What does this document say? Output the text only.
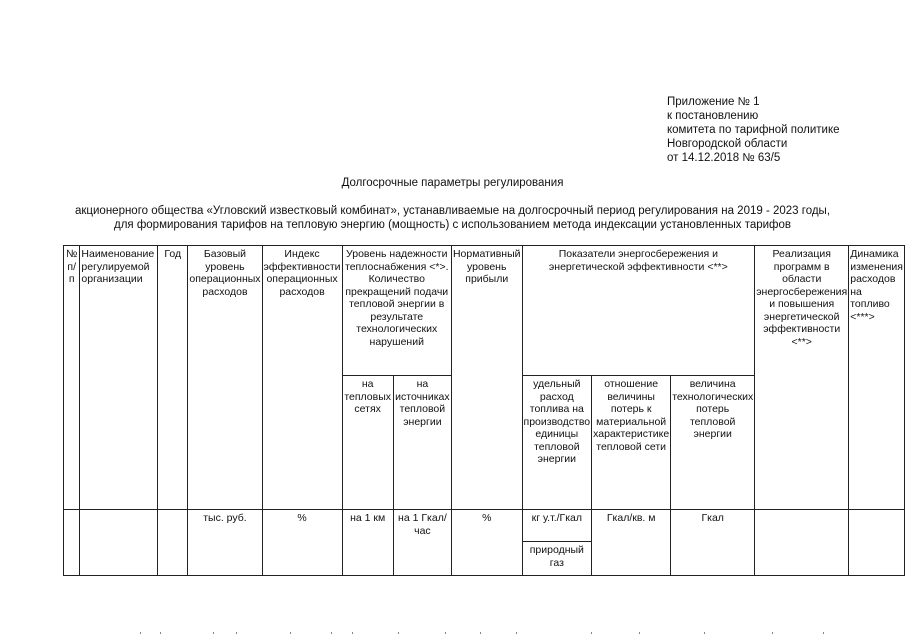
Приложение № 1
к постановлению
комитета по тарифной политике
Новгородской области
от 14.12.2018 № 63/5
Долгосрочные параметры регулирования
акционерного общества «Угловский известковый комбинат», устанавливаемые на долгосрочный период регулирования на 2019 - 2023 годы,
для формирования тарифов на тепловую энергию (мощность) с использованием метода индексации установленных тарифов
№ п/п	Наименование регулируемой организации	Год	Базовый уровень операционных расходов	Индекс эффективности операционных расходов	Уровень надежности теплоснабжения <*>. Количество прекращений подачи тепловой энергии в результате технологических нарушений		Нормативный уровень прибыли	Показатели энергосбережения и энергетической эффективности <**>			Реализация программ в области энергосбережения и повышения энергетической эффективности <**>	Динамика изменения расходов на топливо <***>
					на тепловых сетях	на источниках тепловой энергии		удельный расход топлива на производство единицы тепловой энергии	отношение величины потерь к материальной характеристике тепловой сети	величина технологических потерь тепловой энергии		
			тыс. руб.	%	на 1 км	на 1 Гкал/час	%	кг у.т./Гкал	Гкал/кв. м	Гкал		
								природный газ				
